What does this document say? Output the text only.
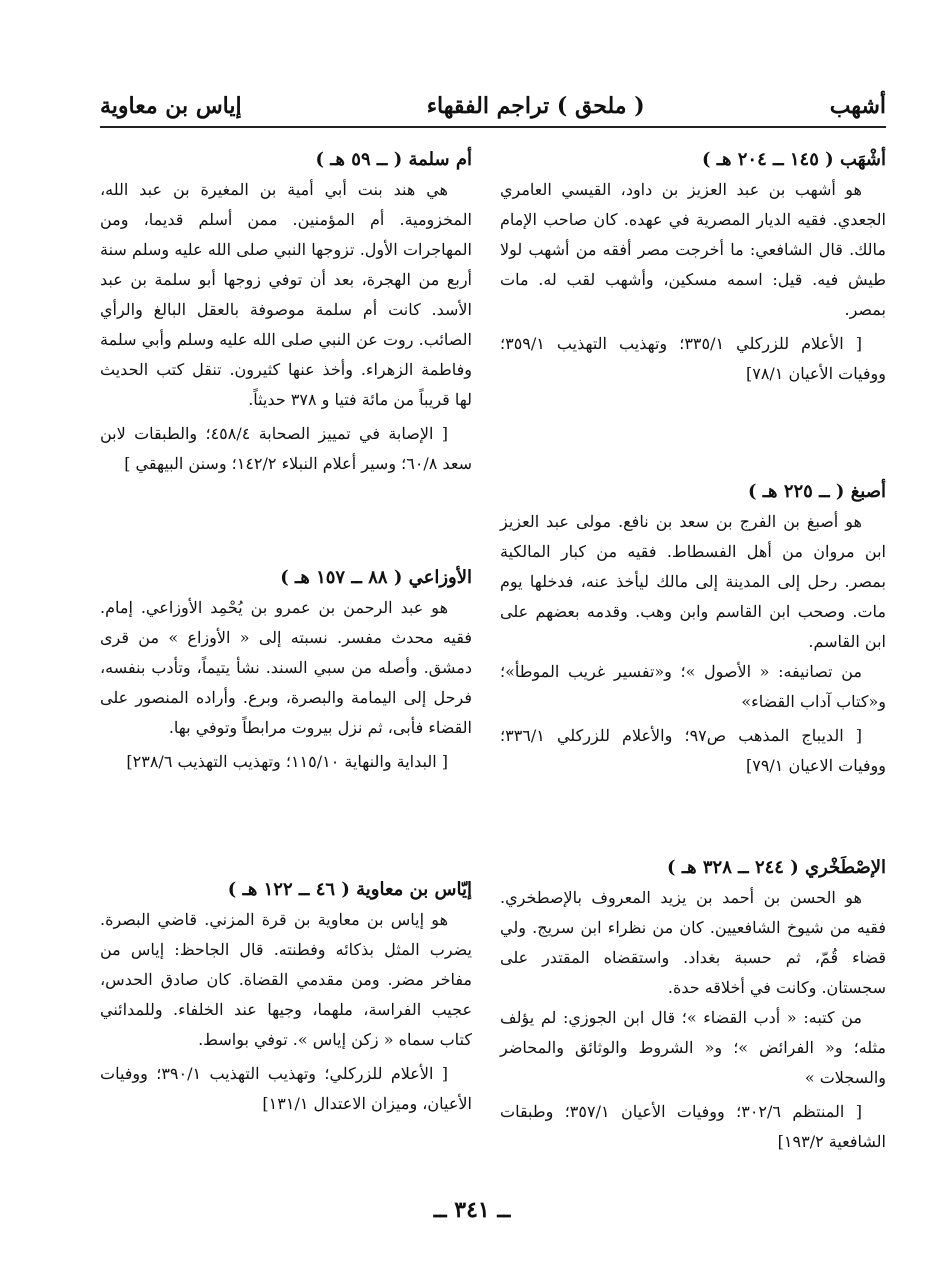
أشهب
( ملحق ) تراجم الفقهاء
إياس بن معاوية

أشْهَب ( ١٤٥ ــ ٢٠٤ هـ )

هو أشهب بن عبد العزيز بن داود، القيسي العامري الجعدي. فقيه الديار المصرية في عهده. كان صاحب الإمام مالك. قال الشافعي: ما أخرجت مصر أفقه من أشهب لولا طيش فيه. قيل: اسمه مسكين، وأشهب لقب له. مات بمصر.

[ الأعلام للزركلي ٣٣٥/١؛ وتهذيب التهذيب ٣٥٩/١؛ ووفيات الأعيان ٧٨/١]

أصبغ ( ــ ٢٢٥ هـ )

هو أصبغ بن الفرج بن سعد بن نافع. مولى عبد العزيز ابن مروان من أهل الفسطاط. فقيه من كبار المالكية بمصر. رحل إلى المدينة إلى مالك ليأخذ عنه، فدخلها يوم مات. وصحب ابن القاسم وابن وهب. وقدمه بعضهم على ابن القاسم.

من تصانيفه: « الأصول »؛ و«تفسير غريب الموطأ»؛ و«كتاب آداب القضاء»

[ الديباج المذهب ص٩٧؛ والأعلام للزركلي ٣٣٦/١؛ ووفيات الاعيان ٧٩/١]

الإصْطَخْري ( ٢٤٤ ــ ٣٢٨ هـ )

هو الحسن بن أحمد بن يزيد المعروف بالإصطخري. فقيه من شيوخ الشافعيين. كان من نظراء ابن سريج. ولي قضاء قُمّ، ثم حسبة بغداد. واستقضاه المقتدر على سجستان. وكانت في أخلاقه حدة.

من كتبه: « أدب القضاء »؛ قال ابن الجوزي: لم يؤلف مثله؛ و« الفرائض »؛ و« الشروط والوثائق والمحاضر والسجلات »

[ المنتظم ٣٠٢/٦؛ ووفيات الأعيان ٣٥٧/١؛ وطبقات الشافعية ١٩٣/٢]

أم سلمة ( ــ ٥٩ هـ )

هي هند بنت أبي أمية بن المغيرة بن عبد الله، المخزومية. أم المؤمنين. ممن أسلم قديما، ومن المهاجرات الأول. تزوجها النبي صلى الله عليه وسلم سنة أربع من الهجرة، بعد أن توفي زوجها أبو سلمة بن عبد الأسد. كانت أم سلمة موصوفة بالعقل البالغ والرأي الصائب. روت عن النبي صلى الله عليه وسلم وأبي سلمة وفاطمة الزهراء. وأخذ عنها كثيرون. تنقل كتب الحديث لها قريباً من مائة فتيا و ٣٧٨ حديثاً.

[ الإصابة في تمييز الصحابة ٤٥٨/٤؛ والطبقات لابن سعد ٦٠/٨؛ وسير أعلام النبلاء ١٤٢/٢؛ وسنن البيهقي ]

الأوزاعي ( ٨٨ ــ ١٥٧ هـ )

هو عبد الرحمن بن عمرو بن يُحْمِد الأوزاعي. إمام. فقيه محدث مفسر. نسبته إلى « الأوزاع » من قرى دمشق. وأصله من سبي السند. نشأ يتيماً، وتأدب بنفسه، فرحل إلى اليمامة والبصرة، وبرع. وأراده المنصور على القضاء فأبى، ثم نزل بيروت مرابطاً وتوفي بها.

[ البداية والنهاية ١١٥/١٠؛ وتهذيب التهذيب ٢٣٨/٦]

إيّاس بن معاوية ( ٤٦ ــ ١٢٢ هـ )

هو إياس بن معاوية بن قرة المزني. قاضي البصرة. يضرب المثل بذكائه وفطنته. قال الجاحظ: إياس من مفاخر مضر. ومن مقدمي القضاة. كان صادق الحدس، عجيب الفراسة، ملهما، وجيها عند الخلفاء. وللمدائني كتاب سماه « زكن إياس ». توفي بواسط.

[ الأعلام للزركلي؛ وتهذيب التهذيب ٣٩٠/١؛ ووفيات الأعيان، وميزان الاعتدال ١٣١/١]

ــ ٣٤١ ــ
